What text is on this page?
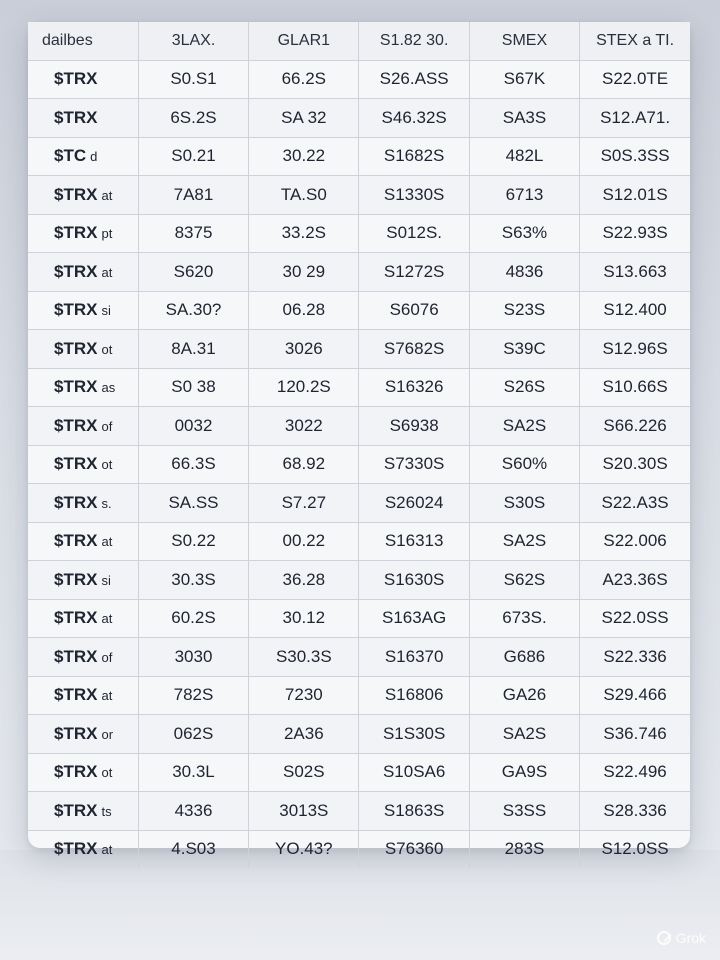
dailbes	3LAX.	GLAR1	S1.82 30.	SMEX	STEX a TI.
$TRX	S0.S1	66.2S	S26.ASS	S67K	S22.0TE
$TRX	6S.2S	SA 32	S46.32S	SA3S	S12.A71.
$TC d	S0.21	30.22	S1682S	482L	S0S.3SS
$TRX at	7A81	TA.S0	S1330S	6713	S12.01S
$TRX pt	8375	33.2S	S012S.	S63%	S22.93S
$TRX at	S620	30 29	S1272S	4836	S13.663
$TRX si	SA.30?	06.28	S6076	S23S	S12.400
$TRX ot	8A.31	3026	S7682S	S39C	S12.96S
$TRX as	S0 38	120.2S	S16326	S26S	S10.66S
$TRX of	0032	3022	S6938	SA2S	S66.226
$TRX ot	66.3S	68.92	S7330S	S60%	S20.30S
$TRX s.	SA.SS	S7.27	S26024	S30S	S22.A3S
$TRX at	S0.22	00.22	S16313	SA2S	S22.006
$TRX si	30.3S	36.28	S1630S	S62S	A23.36S
$TRX at	60.2S	30.12	S163AG	673S.	S22.0SS
$TRX of	3030	S30.3S	S16370	G686	S22.336
$TRX at	782S	7230	S16806	GA26	S29.466
$TRX or	062S	2A36	S1S30S	SA2S	S36.746
$TRX ot	30.3L	S02S	S10SA6	GA9S	S22.496
$TRX ts	4336	3013S	S1863S	S3SS	S28.336
$TRX at	4.S03	YO.43?	S76360	283S	S12.0SS
Grok
